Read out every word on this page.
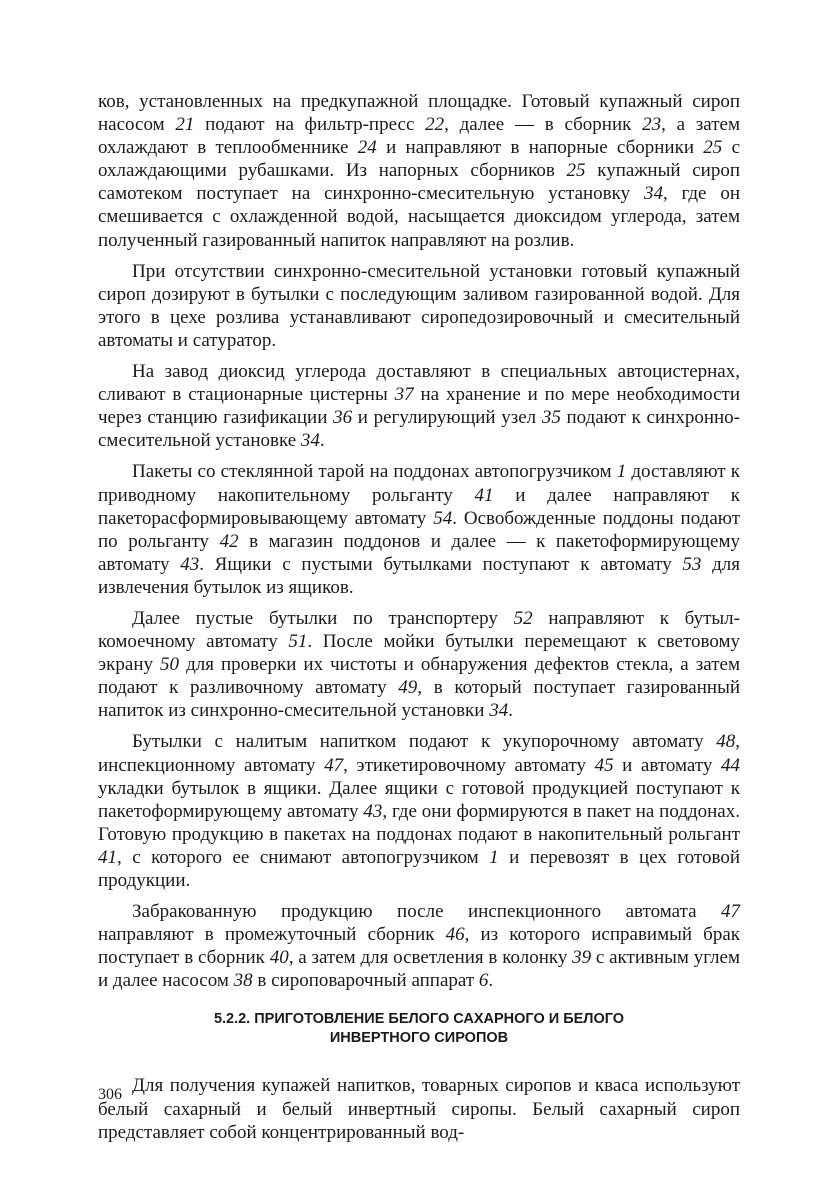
ков, установленных на предкупажной площадке. Готовый купажный сироп насосом 21 подают на фильтр-пресс 22, далее — в сборник 23, а затем охлаждают в теплообменнике 24 и направляют в напорные сборники 25 с охлаждающими рубашками. Из напорных сборников 25 купажный сироп самотеком поступает на синхронно-смесительную установку 34, где он смешивается с охлажденной водой, насыщается диоксидом углерода, затем полученный газированный напиток направляют на розлив.

При отсутствии синхронно-смесительной установки готовый купажный сироп дозируют в бутылки с последующим заливом газированной водой. Для этого в цехе розлива устанавливают сиропедозировочный и смесительный автоматы и сатуратор.

На завод диоксид углерода доставляют в специальных автоцистернах, сливают в стационарные цистерны 37 на хранение и по мере необходимости через станцию газификации 36 и регулирующий узел 35 подают к синхронно-смесительной установке 34.

Пакеты со стеклянной тарой на поддонах автопогрузчиком 1 доставляют к приводному накопительному рольганту 41 и далее направляют к пакеторасформировывающему автомату 54. Освобожденные поддоны подают по рольганту 42 в магазин поддонов и далее — к пакетоформирующему автомату 43. Ящики с пустыми бутылками поступают к автомату 53 для извлечения бутылок из ящиков.

Далее пустые бутылки по транспортеру 52 направляют к бутылкомоечному автомату 51. После мойки бутылки перемещают к световому экрану 50 для проверки их чистоты и обнаружения дефектов стекла, а затем подают к разливочному автомату 49, в который поступает газированный напиток из синхронно-смесительной установки 34.

Бутылки с налитым напитком подают к укупорочному автомату 48, инспекционному автомату 47, этикетировочному автомату 45 и автомату 44 укладки бутылок в ящики. Далее ящики с готовой продукцией поступают к пакетоформирующему автомату 43, где они формируются в пакет на поддонах. Готовую продукцию в пакетах на поддонах подают в накопительный рольгант 41, с которого ее снимают автопогрузчиком 1 и перевозят в цех готовой продукции.

Забракованную продукцию после инспекционного автомата 47 направляют в промежуточный сборник 46, из которого исправимый брак поступает в сборник 40, а затем для осветления в колонку 39 с активным углем и далее насосом 38 в сироповарочный аппарат 6.

5.2.2. ПРИГОТОВЛЕНИЕ БЕЛОГО САХАРНОГО И БЕЛОГО
ИНВЕРТНОГО СИРОПОВ

Для получения купажей напитков, товарных сиропов и кваса используют белый сахарный и белый инвертный сиропы. Белый сахарный сироп представляет собой концентрированный вод-

306
